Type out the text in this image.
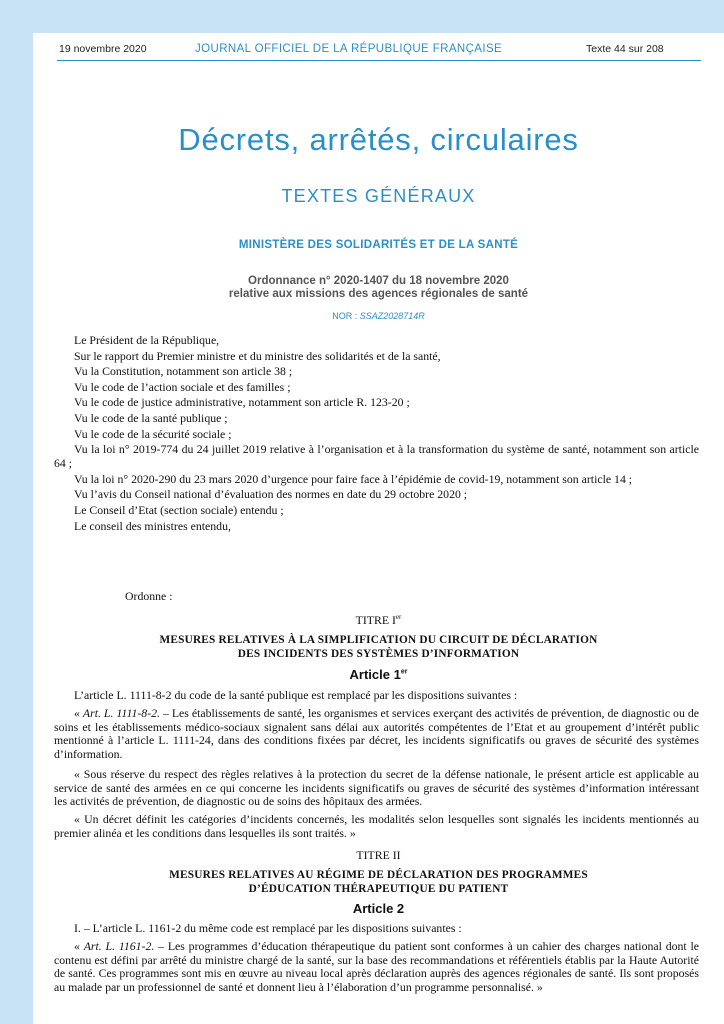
19 novembre 2020	JOURNAL OFFICIEL DE LA RÉPUBLIQUE FRANÇAISE	Texte 44 sur 208
Décrets, arrêtés, circulaires
TEXTES GÉNÉRAUX
MINISTÈRE DES SOLIDARITÉS ET DE LA SANTÉ
Ordonnance n° 2020-1407 du 18 novembre 2020
relative aux missions des agences régionales de santé
NOR : SSAZ2028714R

Le Président de la République,

Sur le rapport du Premier ministre et du ministre des solidarités et de la santé,

Vu la Constitution, notamment son article 38 ;

Vu le code de l’action sociale et des familles ;

Vu le code de justice administrative, notamment son article R. 123-20 ;

Vu le code de la santé publique ;

Vu le code de la sécurité sociale ;

Vu la loi n° 2019-774 du 24 juillet 2019 relative à l’organisation et à la transformation du système de santé, notamment son article 64 ;

Vu la loi n° 2020-290 du 23 mars 2020 d’urgence pour faire face à l’épidémie de covid-19, notamment son article 14 ;

Vu l’avis du Conseil national d’évaluation des normes en date du 29 octobre 2020 ;

Le Conseil d’Etat (section sociale) entendu ;

Le conseil des ministres entendu,

Ordonne :
TITRE Ier
MESURES RELATIVES À LA SIMPLIFICATION DU CIRCUIT DE DÉCLARATION
DES INCIDENTS DES SYSTÈMES D’INFORMATION
Article 1er
L’article L. 1111-8-2 du code de la santé publique est remplacé par les dispositions suivantes :
« Art. L. 1111-8-2. – Les établissements de santé, les organismes et services exerçant des activités de prévention, de diagnostic ou de soins et les établissements médico-sociaux signalent sans délai aux autorités compétentes de l’Etat et au groupement d’intérêt public mentionné à l’article L. 1111-24, dans des conditions fixées par décret, les incidents significatifs ou graves de sécurité des systèmes d’information.
« Sous réserve du respect des règles relatives à la protection du secret de la défense nationale, le présent article est applicable au service de santé des armées en ce qui concerne les incidents significatifs ou graves de sécurité des systèmes d’information intéressant les activités de prévention, de diagnostic ou de soins des hôpitaux des armées.
« Un décret définit les catégories d’incidents concernés, les modalités selon lesquelles sont signalés les incidents mentionnés au premier alinéa et les conditions dans lesquelles ils sont traités. »
TITRE II
MESURES RELATIVES AU RÉGIME DE DÉCLARATION DES PROGRAMMES
D’ÉDUCATION THÉRAPEUTIQUE DU PATIENT
Article 2
I. – L’article L. 1161-2 du même code est remplacé par les dispositions suivantes :
« Art. L. 1161-2. – Les programmes d’éducation thérapeutique du patient sont conformes à un cahier des charges national dont le contenu est défini par arrêté du ministre chargé de la santé, sur la base des recommandations et référentiels établis par la Haute Autorité de santé. Ces programmes sont mis en œuvre au niveau local après déclaration auprès des agences régionales de santé. Ils sont proposés au malade par un professionnel de santé et donnent lieu à l’élaboration d’un programme personnalisé. »
